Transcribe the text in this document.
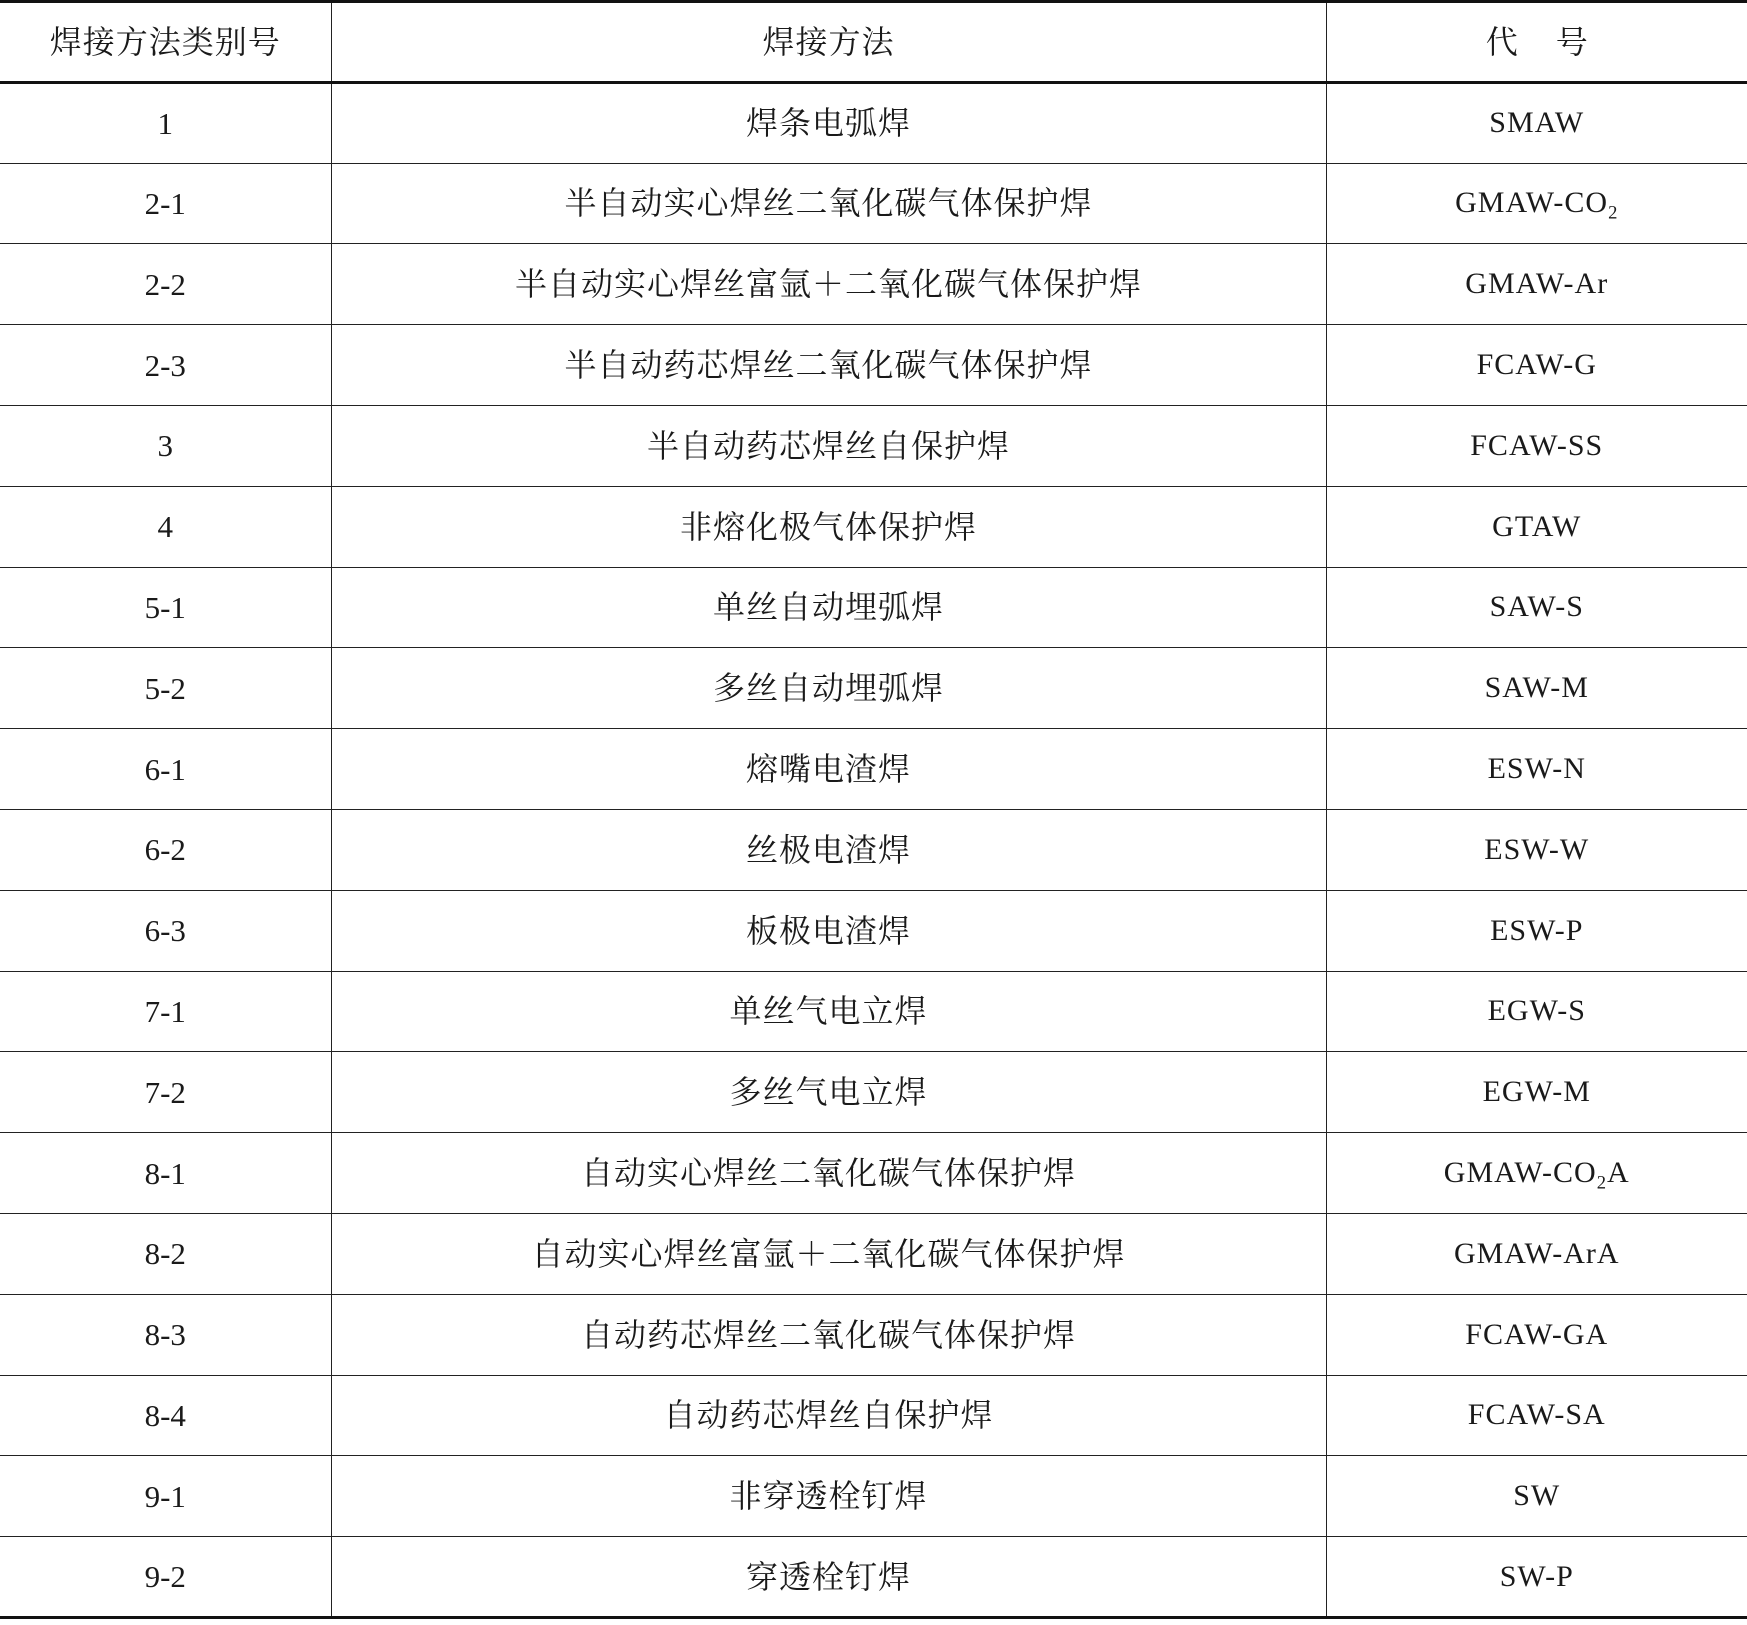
焊接方法类别号	焊接方法	代号
1	焊条电弧焊	SMAW
2-1	半自动实心焊丝二氧化碳气体保护焊	GMAW-$CO_2$
2-2	半自动实心焊丝富氩＋二氧化碳气体保护焊	GMAW-Ar
2-3	半自动药芯焊丝二氧化碳气体保护焊	FCAW-G
3	半自动药芯焊丝自保护焊	FCAW-SS
4	非熔化极气体保护焊	GTAW
5-1	单丝自动埋弧焊	SAW-S
5-2	多丝自动埋弧焊	SAW-M
6-1	熔嘴电渣焊	ESW-N
6-2	丝极电渣焊	ESW-W
6-3	板极电渣焊	ESW-P
7-1	单丝气电立焊	EGW-S
7-2	多丝气电立焊	EGW-M
8-1	自动实心焊丝二氧化碳气体保护焊	GMAW-$CO_2A$
8-2	自动实心焊丝富氩＋二氧化碳气体保护焊	GMAW-ArA
8-3	自动药芯焊丝二氧化碳气体保护焊	FCAW-GA
8-4	自动药芯焊丝自保护焊	FCAW-SA
9-1	非穿透栓钉焊	SW
9-2	穿透栓钉焊	SW-P
